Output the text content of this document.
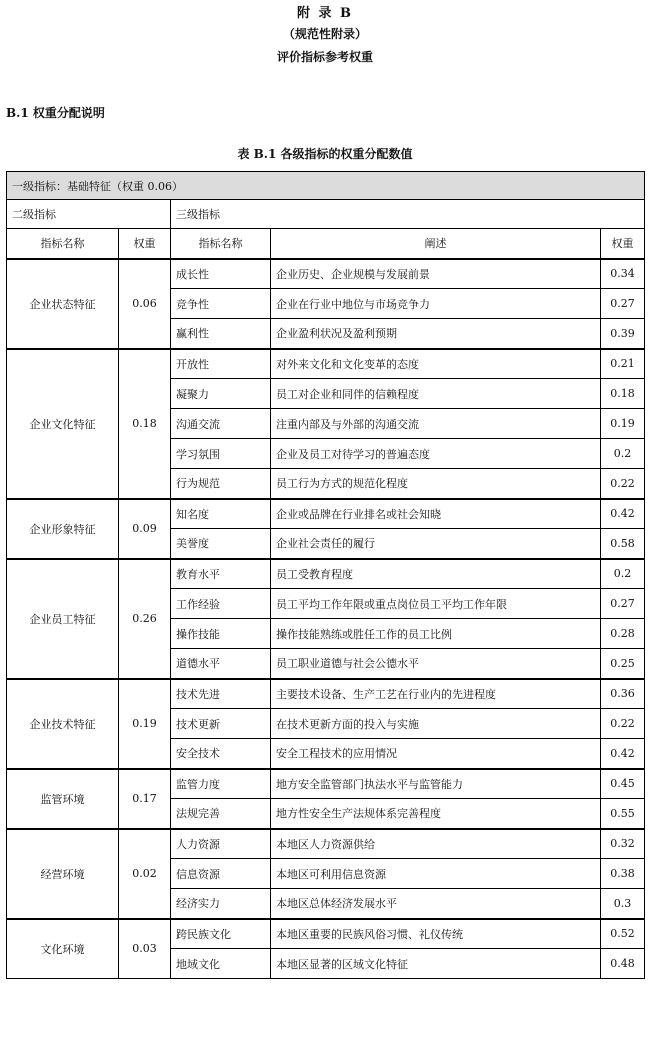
附 录 B
（规范性附录）
评价指标参考权重
B.1 权重分配说明
表 B.1 各级指标的权重分配数值
一级指标：基础特征（权重 0.06）				
二级指标		三级指标		
指标名称	权重	指标名称	阐述	权重
企业状态特征	0.06	成长性	企业历史、企业规模与发展前景	0.34
		竞争性	企业在行业中地位与市场竞争力	0.27
		赢利性	企业盈利状况及盈利预期	0.39
企业文化特征	0.18	开放性	对外来文化和文化变革的态度	0.21
		凝聚力	员工对企业和同伴的信赖程度	0.18
		沟通交流	注重内部及与外部的沟通交流	0.19
		学习氛围	企业及员工对待学习的普遍态度	0.2
		行为规范	员工行为方式的规范化程度	0.22
企业形象特征	0.09	知名度	企业或品牌在行业排名或社会知晓	0.42
		美誉度	企业社会责任的履行	0.58
企业员工特征	0.26	教育水平	员工受教育程度	0.2
		工作经验	员工平均工作年限或重点岗位员工平均工作年限	0.27
		操作技能	操作技能熟练或胜任工作的员工比例	0.28
		道德水平	员工职业道德与社会公德水平	0.25
企业技术特征	0.19	技术先进	主要技术设备、生产工艺在行业内的先进程度	0.36
		技术更新	在技术更新方面的投入与实施	0.22
		安全技术	安全工程技术的应用情况	0.42
监管环境	0.17	监管力度	地方安全监管部门执法水平与监管能力	0.45
		法规完善	地方性安全生产法规体系完善程度	0.55
经营环境	0.02	人力资源	本地区人力资源供给	0.32
		信息资源	本地区可利用信息资源	0.38
		经济实力	本地区总体经济发展水平	0.3
文化环境	0.03	跨民族文化	本地区重要的民族风俗习惯、礼仪传统	0.52
		地域文化	本地区显著的区域文化特征	0.48
